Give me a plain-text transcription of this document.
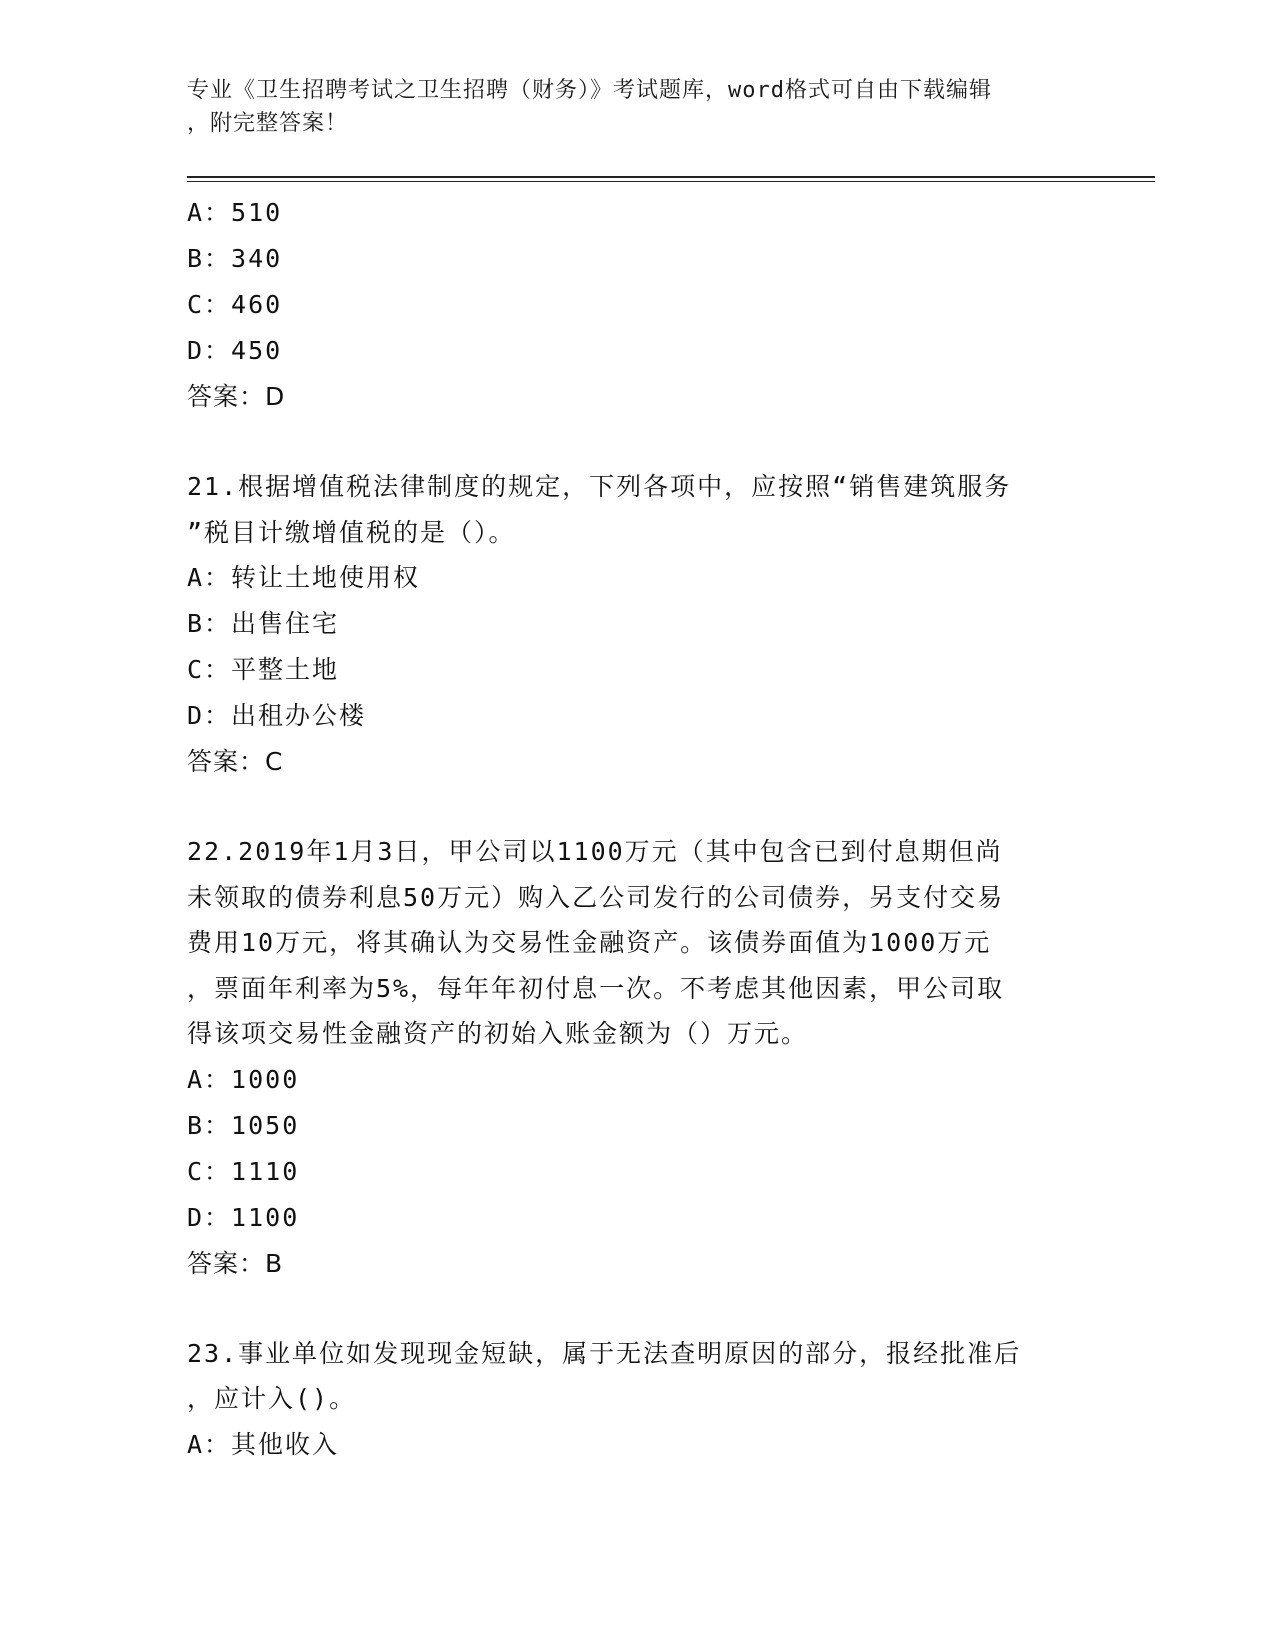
专业《卫生招聘考试之卫生招聘（财务）》考试题库，word格式可自由下载编辑
，附完整答案！
A：510
B：340
C：460
D：450
答案：D
21.根据增值税法律制度的规定，下列各项中，应按照“销售建筑服务
”税目计缴增值税的是（）。
A：转让土地使用权
B：出售住宅
C：平整土地
D：出租办公楼
答案：C
22.2019年1月3日，甲公司以1100万元（其中包含已到付息期但尚
未领取的债券利息50万元）购入乙公司发行的公司债券，另支付交易
费用10万元，将其确认为交易性金融资产。该债券面值为1000万元
，票面年利率为5%，每年年初付息一次。不考虑其他因素，甲公司取
得该项交易性金融资产的初始入账金额为（）万元。
A：1000
B：1050
C：1110
D：1100
答案：B
23.事业单位如发现现金短缺，属于无法查明原因的部分，报经批准后
，应计入()。
A：其他收入
